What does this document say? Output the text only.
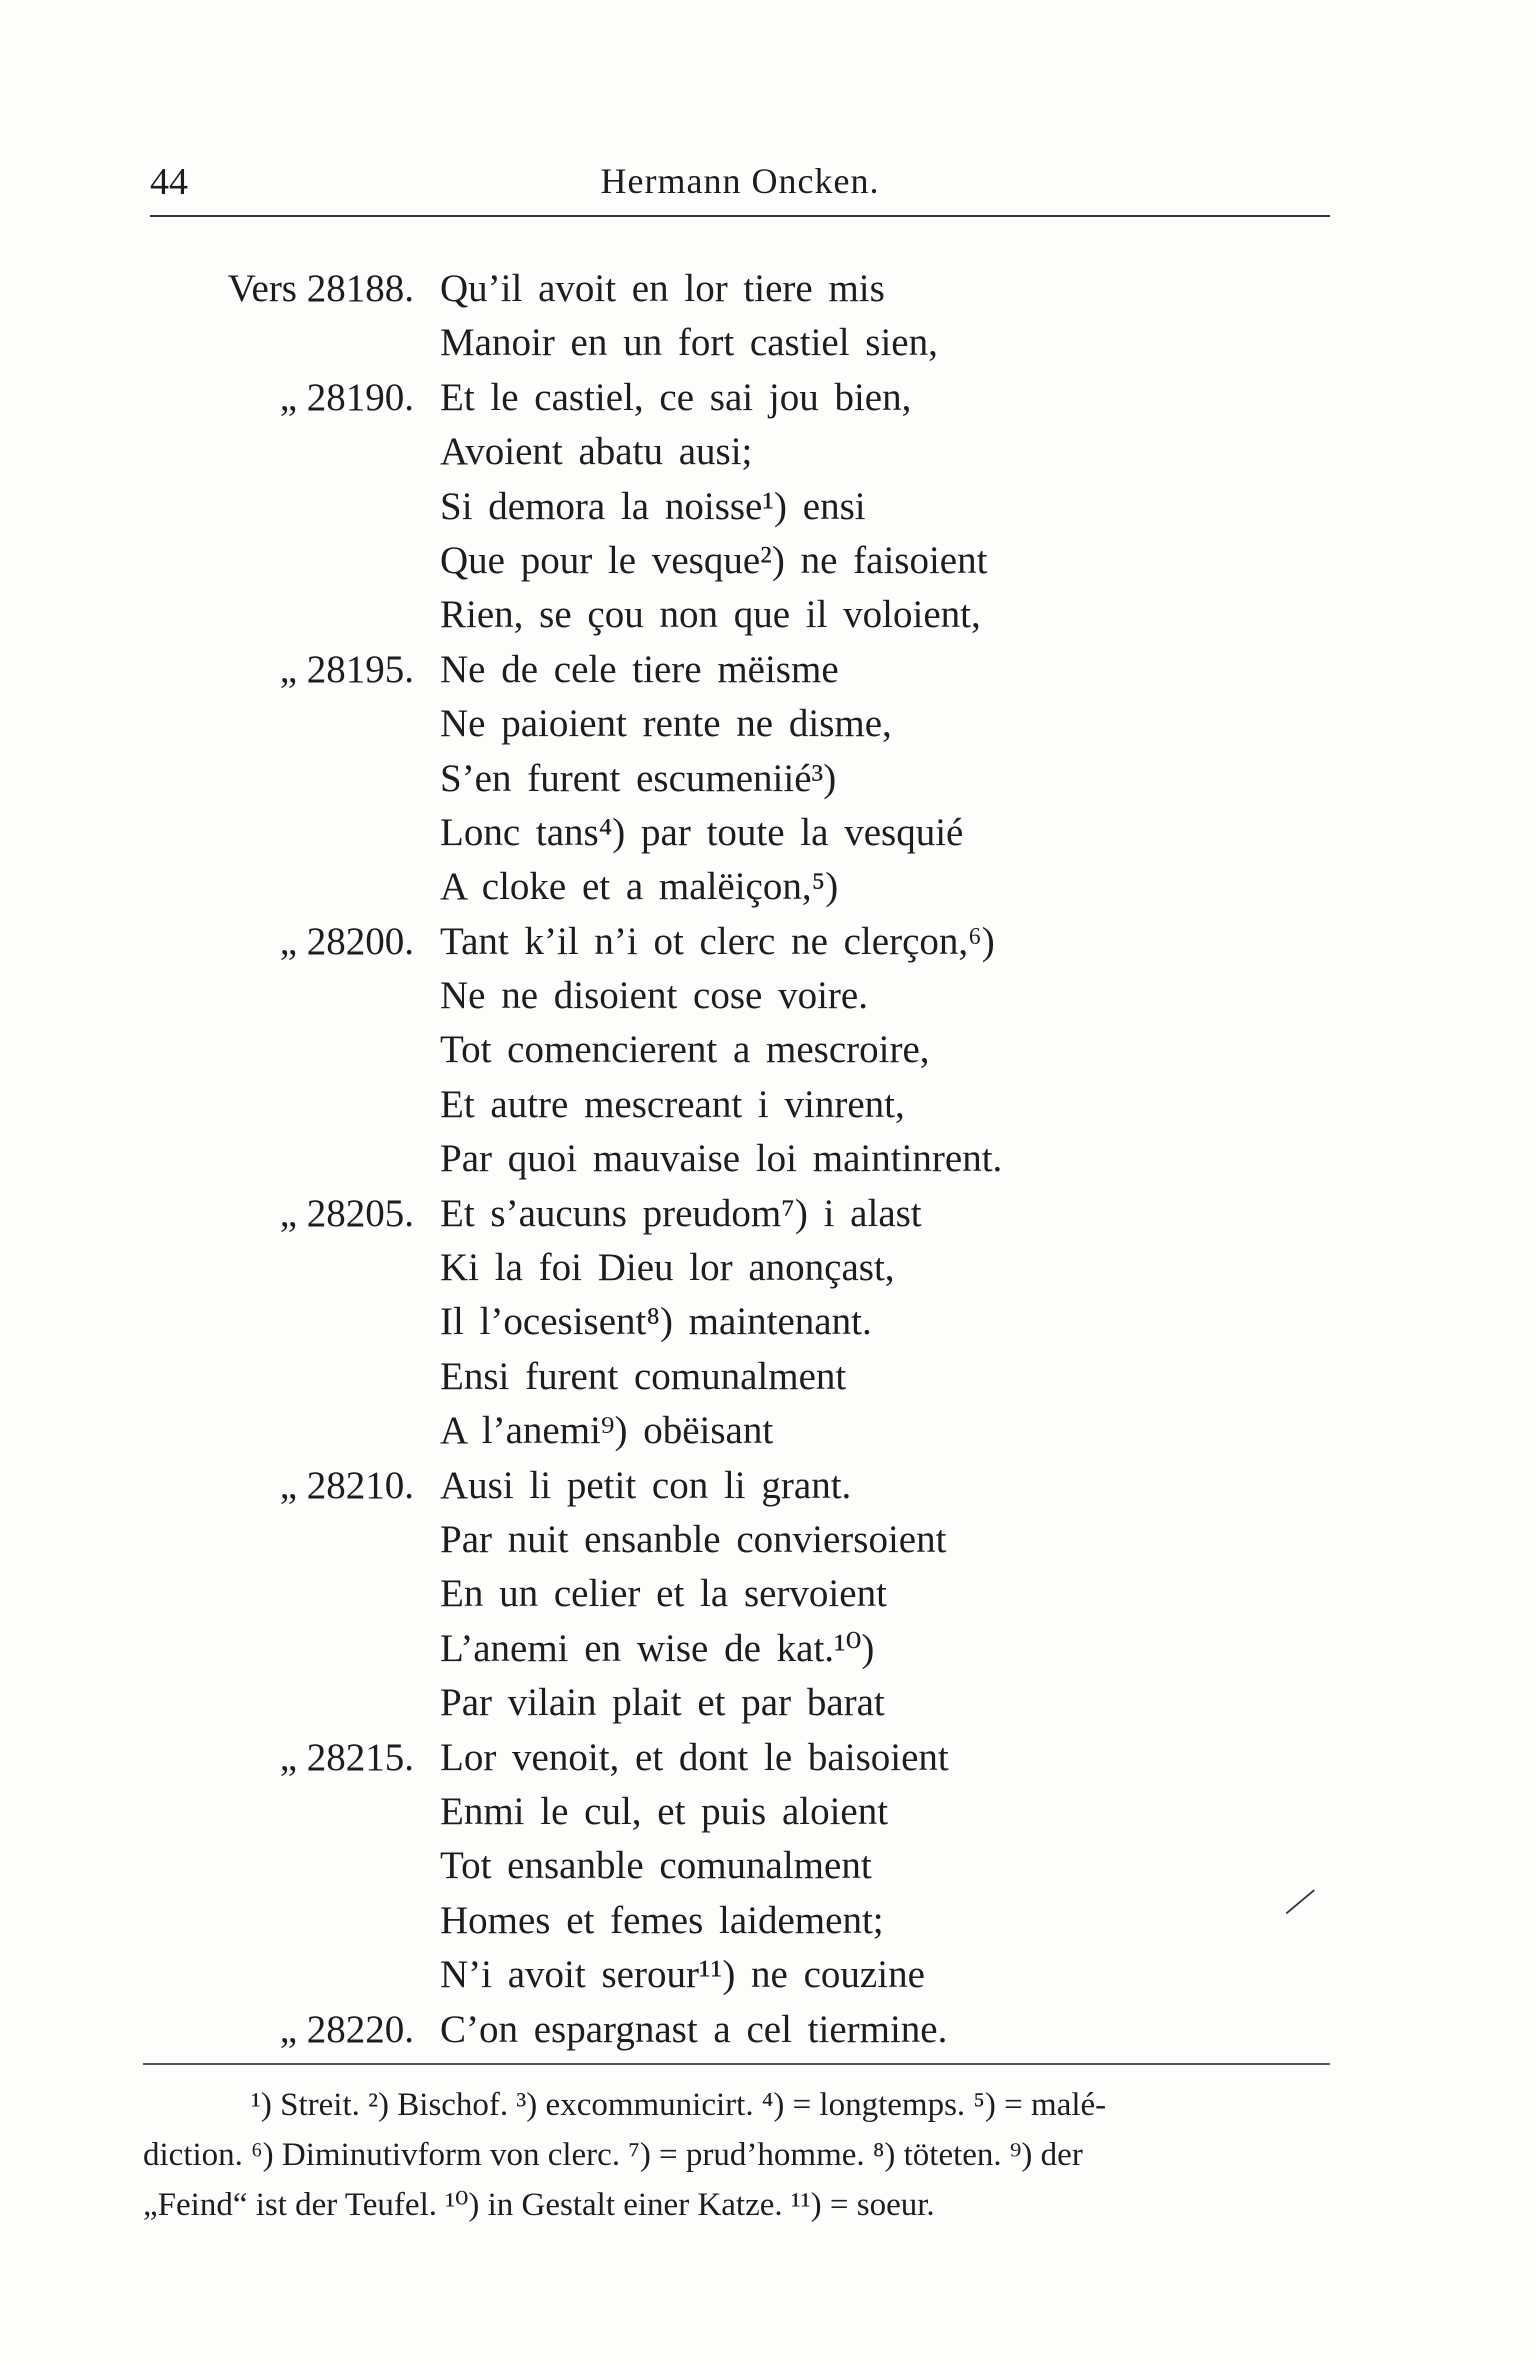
44	Hermann Oncken.
Vers 28188. Qu’il avoit en lor tiere mis
Manoir en un fort castiel sien,
„ 28190. Et le castiel, ce sai jou bien,
Avoient abatu ausi;
Si demora la noisse¹) ensi
Que pour le vesque²) ne faisoient
Rien, se çou non que il voloient,
„ 28195. Ne de cele tiere mëisme
Ne paioient rente ne disme,
S’en furent escumeniié³)
Lonc tans⁴) par toute la vesquié
A cloke et a malëiçon,⁵)
„ 28200. Tant k’il n’i ot clerc ne clerçon,⁶)
Ne ne disoient cose voire.
Tot comencierent a mescroire,
Et autre mescreant i vinrent,
Par quoi mauvaise loi maintinrent.
„ 28205. Et s’aucuns preudom⁷) i alast
Ki la foi Dieu lor anonçast,
Il l’ocesisent⁸) maintenant.
Ensi furent comunalment
A l’anemi⁹) obëisant
„ 28210. Ausi li petit con li grant.
Par nuit ensanble conviersoient
En un celier et la servoient
L’anemi en wise de kat.¹⁰)
Par vilain plait et par barat
„ 28215. Lor venoit, et dont le baisoient
Enmi le cul, et puis aloient
Tot ensanble comunalment
Homes et femes laidement;
N’i avoit serour¹¹) ne couzine
„ 28220. C’on espargnast a cel tiermine.
—
¹) Streit. ²) Bischof. ³) excommunicirt. ⁴) = longtemps. ⁵) = malé-
diction. ⁶) Diminutivform von clerc. ⁷) = prud’homme. ⁸) töteten. ⁹) der
„Feind“ ist der Teufel. ¹⁰) in Gestalt einer Katze. ¹¹) = soeur.
